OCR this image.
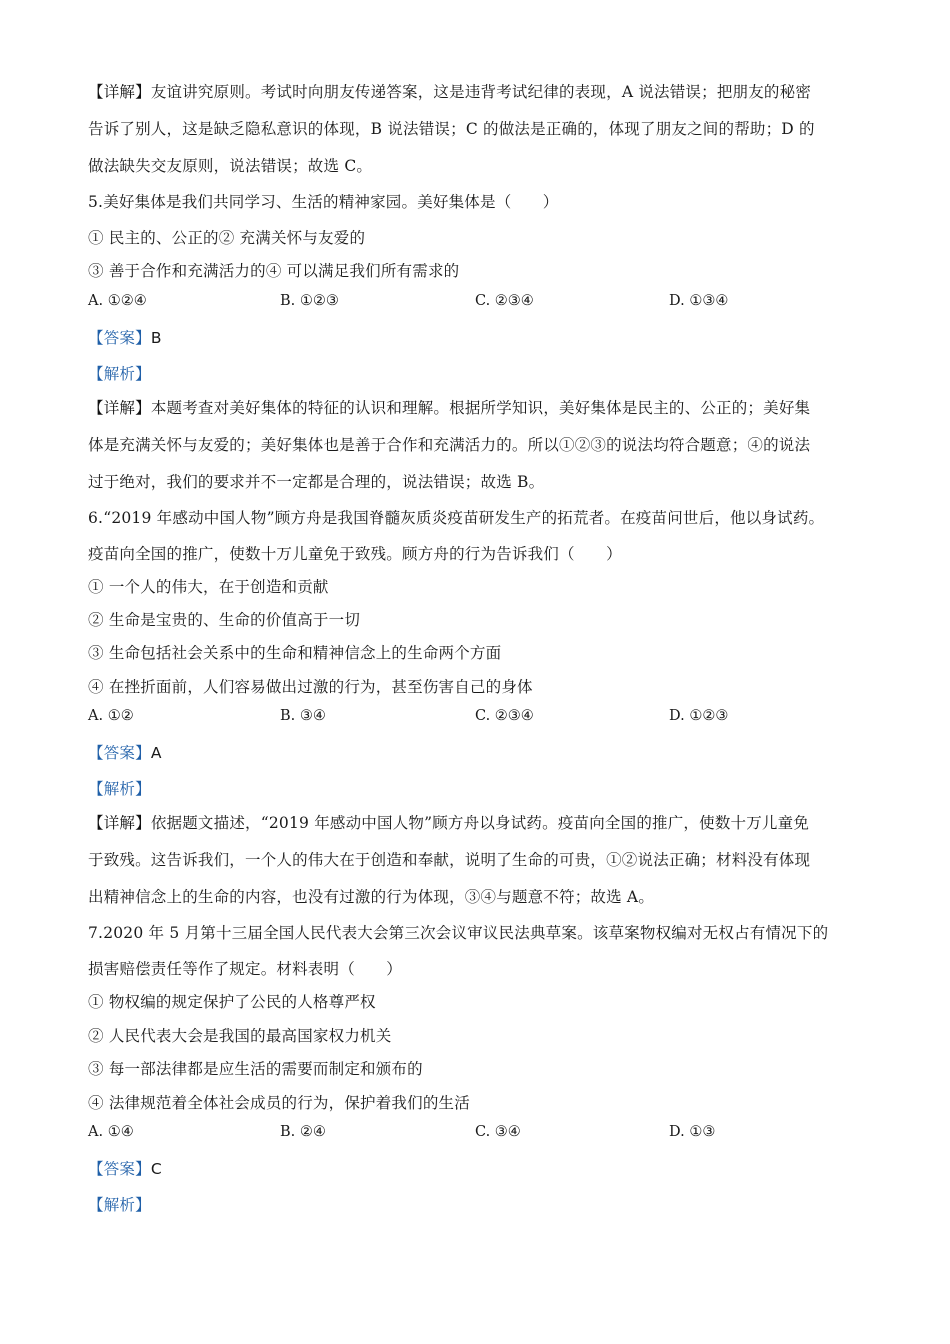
【详解】友谊讲究原则。考试时向朋友传递答案，这是违背考试纪律的表现，A 说法错误；把朋友的秘密
告诉了别人，这是缺乏隐私意识的体现，B 说法错误；C 的做法是正确的，体现了朋友之间的帮助；D 的
做法缺失交友原则，说法错误；故选 C。
5.美好集体是我们共同学习、生活的精神家园。美好集体是（　　）
① 民主的、公正的② 充满关怀与友爱的
③ 善于合作和充满活力的④ 可以满足我们所有需求的
A. ①②④	B. ①②③	C. ②③④	D. ①③④
【答案】B
【解析】
【详解】本题考查对美好集体的特征的认识和理解。根据所学知识，美好集体是民主的、公正的；美好集
体是充满关怀与友爱的；美好集体也是善于合作和充满活力的。所以①②③的说法均符合题意；④的说法
过于绝对，我们的要求并不一定都是合理的，说法错误；故选 B。
6.“2019 年感动中国人物”顾方舟是我国脊髓灰质炎疫苗研发生产的拓荒者。在疫苗问世后，他以身试药。
疫苗向全国的推广，使数十万儿童免于致残。顾方舟的行为告诉我们（　　）
① 一个人的伟大，在于创造和贡献
② 生命是宝贵的、生命的价值高于一切
③ 生命包括社会关系中的生命和精神信念上的生命两个方面
④ 在挫折面前，人们容易做出过激的行为，甚至伤害自己的身体
A. ①②	B. ③④	C. ②③④	D. ①②③
【答案】A
【解析】
【详解】依据题文描述，“2019 年感动中国人物”顾方舟以身试药。疫苗向全国的推广，使数十万儿童免
于致残。这告诉我们，一个人的伟大在于创造和奉献，说明了生命的可贵，①②说法正确；材料没有体现
出精神信念上的生命的内容，也没有过激的行为体现，③④与题意不符；故选 A。
7.2020 年 5 月第十三届全国人民代表大会第三次会议审议民法典草案。该草案物权编对无权占有情况下的
损害赔偿责任等作了规定。材料表明（　　）
① 物权编的规定保护了公民的人格尊严权
② 人民代表大会是我国的最高国家权力机关
③ 每一部法律都是应生活的需要而制定和颁布的
④ 法律规范着全体社会成员的行为，保护着我们的生活
A. ①④	B. ②④	C. ③④	D. ①③
【答案】C
【解析】
